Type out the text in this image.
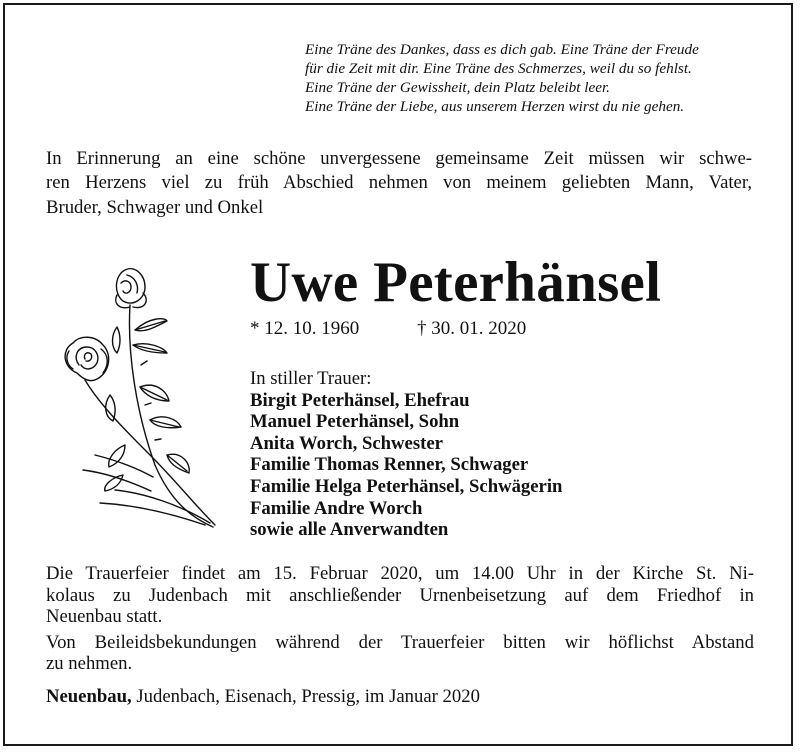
Eine Träne des Dankes, dass es dich gab. Eine Träne der Freude
für die Zeit mit dir. Eine Träne des Schmerzes, weil du so fehlst.
Eine Träne der Gewissheit, dein Platz beleibt leer.
Eine Träne der Liebe, aus unserem Herzen wirst du nie gehen.
In Erinnerung an eine schöne unvergessene gemeinsame Zeit müssen wir schwe-
ren Herzens viel zu früh Abschied nehmen von meinem geliebten Mann, Vater,
Bruder, Schwager und Onkel
Uwe Peterhänsel
* 12. 10. 1960	† 30. 01. 2020
In stiller Trauer:
Birgit Peterhänsel, Ehefrau
Manuel Peterhänsel, Sohn
Anita Worch, Schwester
Familie Thomas Renner, Schwager
Familie Helga Peterhänsel, Schwägerin
Familie Andre Worch
sowie alle Anverwandten
Die Trauerfeier findet am 15. Februar 2020, um 14.00 Uhr in der Kirche St. Ni-
kolaus zu Judenbach mit anschließender Urnenbeisetzung auf dem Friedhof in
Neuenbau statt.
Von Beileidsbekundungen während der Trauerfeier bitten wir höflichst Abstand
zu nehmen.
Neuenbau, Judenbach, Eisenach, Pressig, im Januar 2020
